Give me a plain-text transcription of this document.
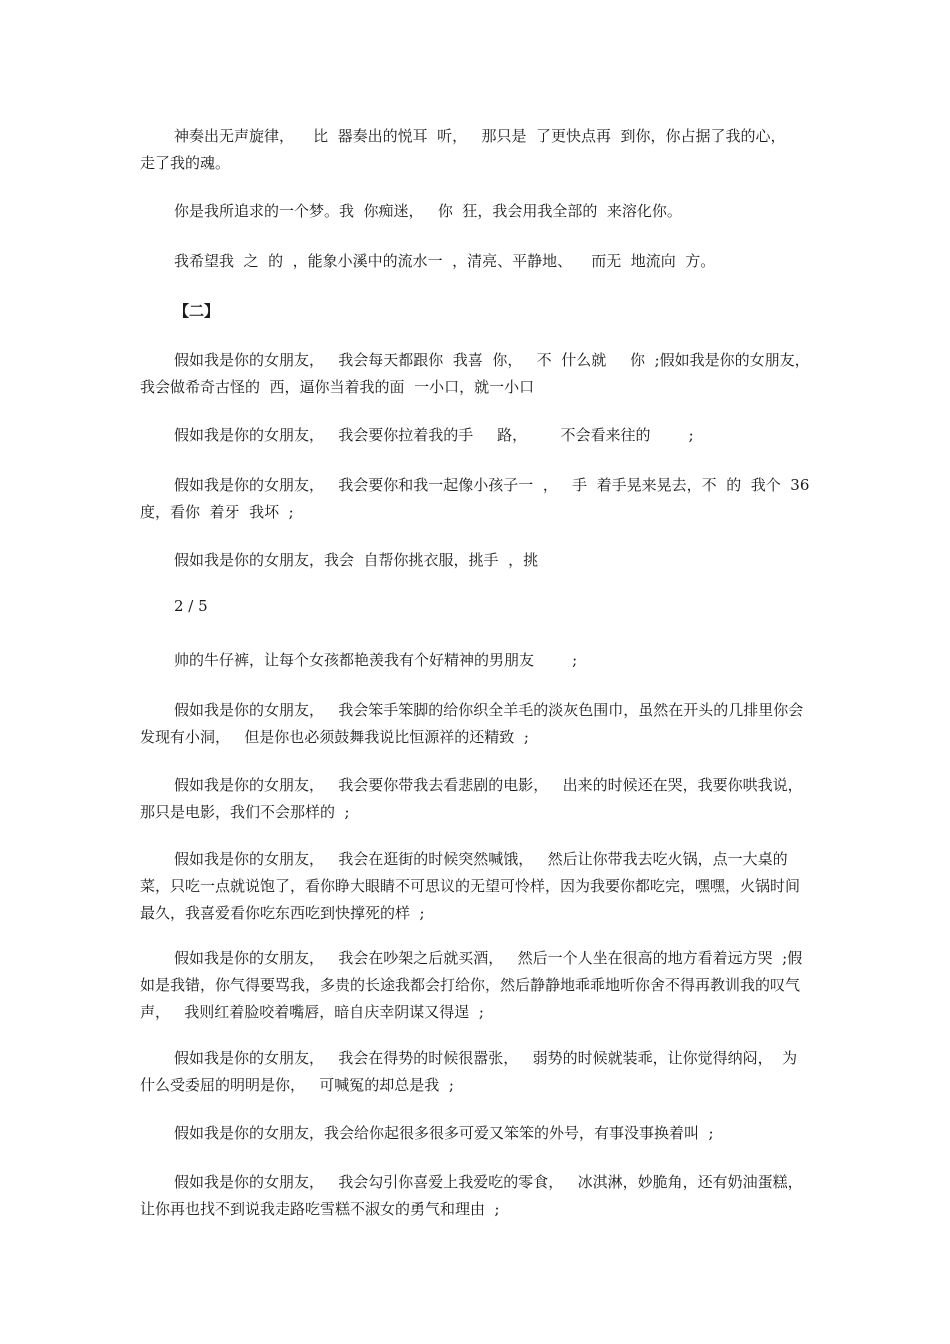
神奏出无声旋律，    比  器奏出的悦耳  听，   那只是  了更快点再  到你，你占据了我的心，   走了我的魂。

你是我所追求的一个梦。我  你痴迷，   你  狂，我会用我全部的  来溶化你。

我希望我  之  的  ，能象小溪中的流水一  ，清亮、平静地、    而无  地流向  方。

【二】

假如我是你的女朋友，   我会每天都跟你  我喜  你，   不  什么就     你  ;假如我是你的女朋友，我会做希奇古怪的  西，逼你当着我的面  一小口，就一小口

假如我是你的女朋友，   我会要你拉着我的手     路，       不会看来往的        ;

假如我是你的女朋友，   我会要你和我一起像小孩子一  ，   手  着手晃来晃去，不  的  我个  36  度，看你  着牙  我坏  ;

假如我是你的女朋友，我会  自帮你挑衣服，挑手  ，挑

2 / 5

帅的牛仔裤，让每个女孩都艳羡我有个好精神的男朋友        ;

假如我是你的女朋友，   我会笨手笨脚的给你织全羊毛的淡灰色围巾，虽然在开头的几排里你会发现有小洞，   但是你也必须鼓舞我说比恒源祥的还精致  ;

假如我是你的女朋友，   我会要你带我去看悲剧的电影，   出来的时候还在哭，我要你哄我说，那只是电影，我们不会那样的  ;

假如我是你的女朋友，   我会在逛街的时候突然喊饿，   然后让你带我去吃火锅，点一大桌的菜，只吃一点就说饱了，看你睁大眼睛不可思议的无望可怜样，因为我要你都吃完，嘿嘿，火锅时间最久，我喜爱看你吃东西吃到快撑死的样  ;

假如我是你的女朋友，   我会在吵架之后就买酒，   然后一个人坐在很高的地方看着远方哭  ;假如是我错，你气得要骂我，多贵的长途我都会打给你，然后静静地乖乖地听你舍不得再教训我的叹气声，   我则红着脸咬着嘴唇，暗自庆幸阴谋又得逞  ;

假如我是你的女朋友，   我会在得势的时候很嚣张，   弱势的时候就装乖，让你觉得纳闷，  为什么受委屈的明明是你，   可喊冤的却总是我  ;

假如我是你的女朋友，我会给你起很多很多可爱又笨笨的外号，有事没事换着叫  ;

假如我是你的女朋友，   我会勾引你喜爱上我爱吃的零食，   冰淇淋，妙脆角，还有奶油蛋糕，   让你再也找不到说我走路吃雪糕不淑女的勇气和理由  ;
